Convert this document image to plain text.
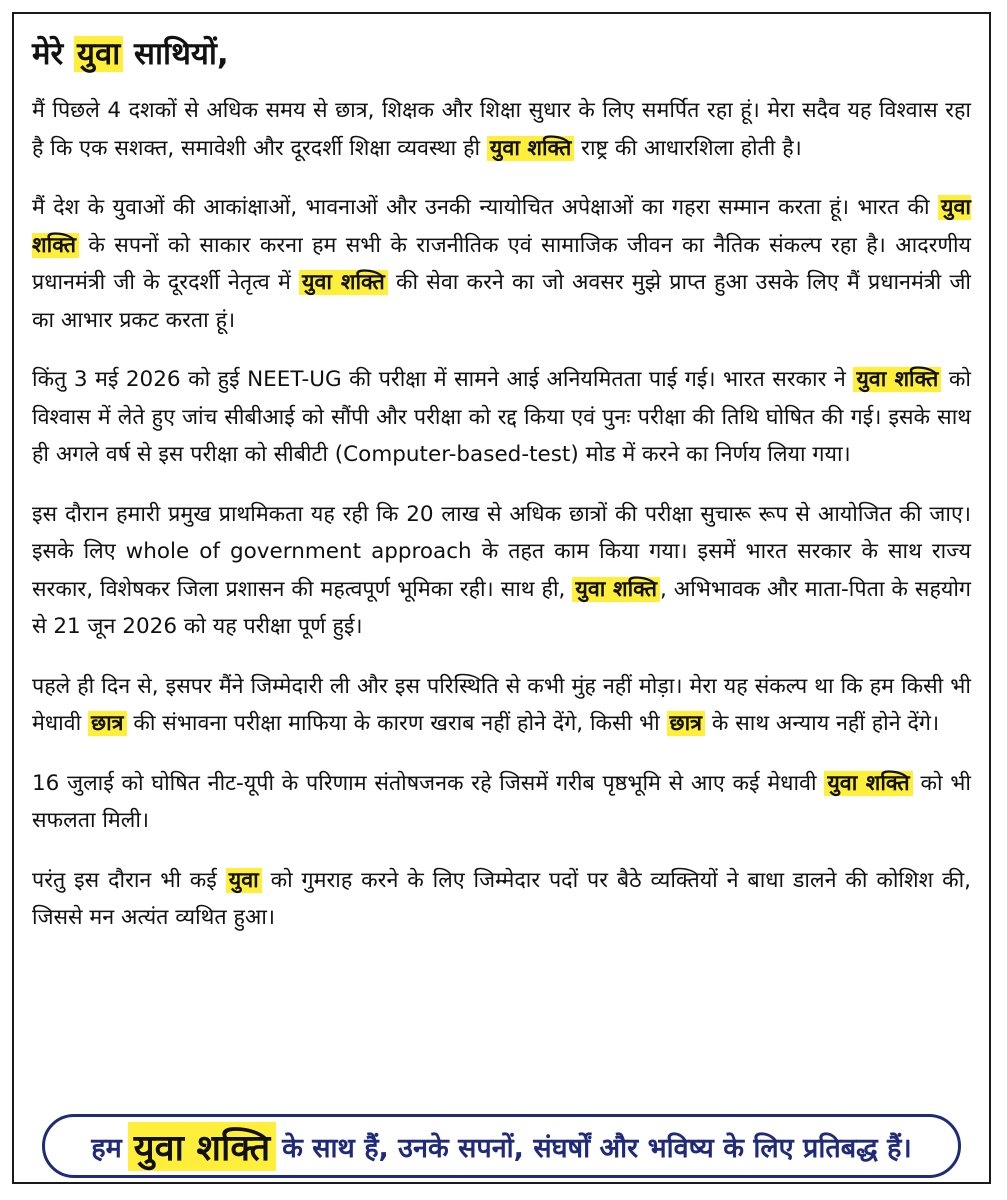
मेरे युवा साथियों,

मैं पिछले 4 दशकों से अधिक समय से छात्र, शिक्षक और शिक्षा सुधार के लिए समर्पित रहा हूं। मेरा सदैव यह विश्वास रहा है कि एक सशक्त, समावेशी और दूरदर्शी शिक्षा व्यवस्था ही युवा शक्ति राष्ट्र की आधारशिला होती है।

मैं देश के युवाओं की आकांक्षाओं, भावनाओं और उनकी न्यायोचित अपेक्षाओं का गहरा सम्मान करता हूं। भारत की युवा शक्ति के सपनों को साकार करना हम सभी के राजनीतिक एवं सामाजिक जीवन का नैतिक संकल्प रहा है। आदरणीय प्रधानमंत्री जी के दूरदर्शी नेतृत्व में युवा शक्ति की सेवा करने का जो अवसर मुझे प्राप्त हुआ उसके लिए मैं प्रधानमंत्री जी का आभार प्रकट करता हूं।

किंतु 3 मई 2026 को हुई NEET-UG की परीक्षा में सामने आई अनियमितता पाई गई। भारत सरकार ने युवा शक्ति को विश्वास में लेते हुए जांच सीबीआई को सौंपी और परीक्षा को रद्द किया एवं पुनः परीक्षा की तिथि घोषित की गई। इसके साथ ही अगले वर्ष से इस परीक्षा को सीबीटी (Computer-based-test) मोड में करने का निर्णय लिया गया।

इस दौरान हमारी प्रमुख प्राथमिकता यह रही कि 20 लाख से अधिक छात्रों की परीक्षा सुचारू रूप से आयोजित की जाए। इसके लिए whole of government approach के तहत काम किया गया। इसमें भारत सरकार के साथ राज्य सरकार, विशेषकर जिला प्रशासन की महत्वपूर्ण भूमिका रही। साथ ही, युवा शक्ति , अभिभावक और माता-पिता के सहयोग से 21 जून 2026 को यह परीक्षा पूर्ण हुई।

पहले ही दिन से, इसपर मैंने जिम्मेदारी ली और इस परिस्थिति से कभी मुंह नहीं मोड़ा। मेरा यह संकल्प था कि हम किसी भी मेधावी छात्र की संभावना परीक्षा माफिया के कारण खराब नहीं होने देंगे, किसी भी छात्र के साथ अन्याय नहीं होने देंगे।

16 जुलाई को घोषित नीट-यूपी के परिणाम संतोषजनक रहे जिसमें गरीब पृष्ठभूमि से आए कई मेधावी युवा शक्ति को भी सफलता मिली।

परंतु इस दौरान भी कई युवा को गुमराह करने के लिए जिम्मेदार पदों पर बैठे व्यक्तियों ने बाधा डालने की कोशिश की, जिससे मन अत्यंत व्यथित हुआ।

हम युवा शक्ति के साथ हैं, उनके सपनों, संघर्षों और भविष्य के लिए प्रतिबद्ध हैं।
